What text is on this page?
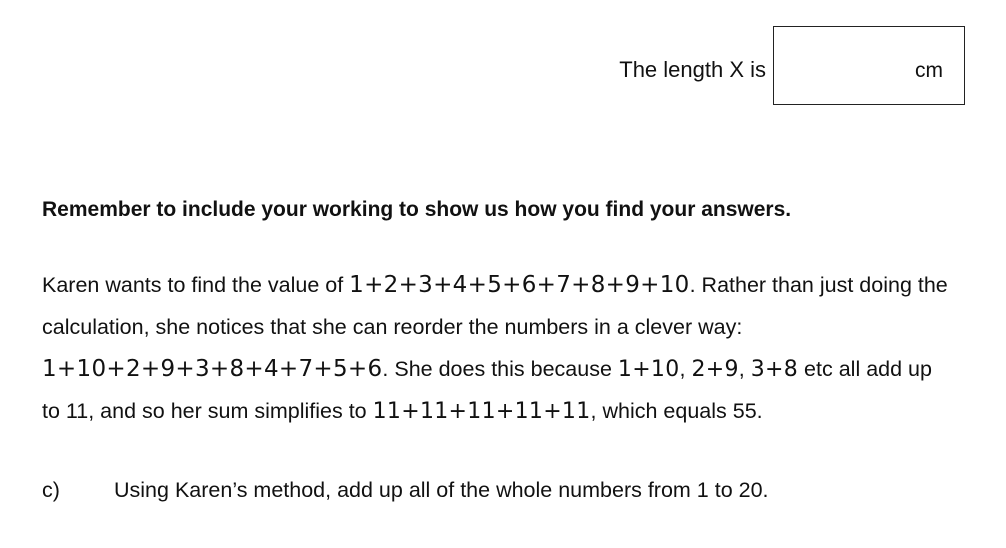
The length X is	cm
Remember to include your working to show us how you find your answers.
Karen wants to find the value of 1+2+3+4+5+6+7+8+9+10. Rather than just doing the
calculation, she notices that she can reorder the numbers in a clever way:
1+10+2+9+3+8+4+7+5+6. She does this because 1+10, 2+9, 3+8 etc all add up
to 11, and so her sum simplifies to 11+11+11+11+11, which equals 55.
c)	Using Karen’s method, add up all of the whole numbers from 1 to 20.
